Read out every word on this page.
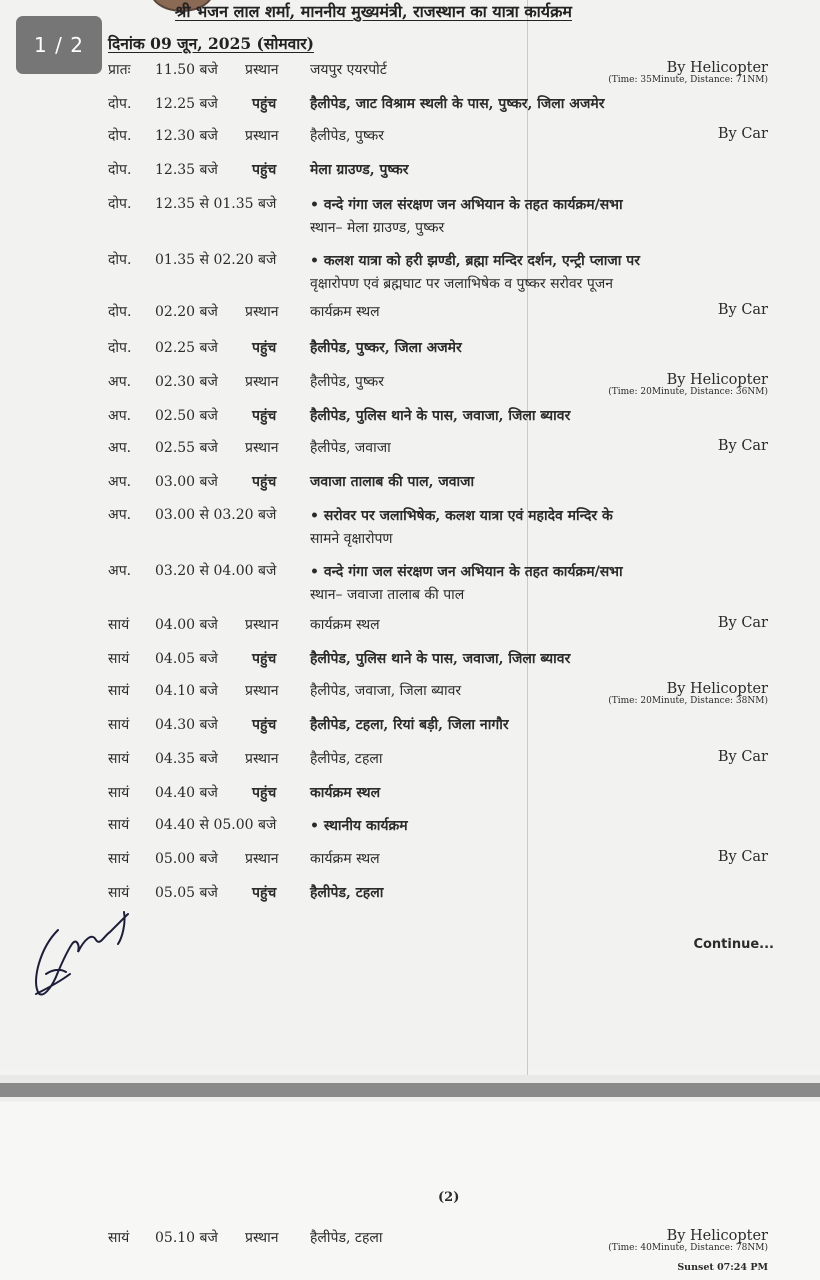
श्री भजन लाल शर्मा, माननीय मुख्यमंत्री, राजस्थान का यात्रा कार्यक्रम
1 / 2	दिनांक 09 जून, 2025 (सोमवार)
प्रातः 11.50 बजे प्रस्थान जयपुर एयरपोर्ट	By Helicopter
(Time: 35Minute, Distance: 71NM)
दोप. 12.25 बजे पहुंच हैलीपेड, जाट विश्राम स्थली के पास, पुष्कर, जिला अजमेर
दोप. 12.30 बजे प्रस्थान हैलीपेड, पुष्कर	By Car
दोप. 12.35 बजे पहुंच मेला ग्राउण्ड, पुष्कर
दोप. 12.35 से 01.35 बजे • वन्दे गंगा जल संरक्षण जन अभियान के तहत कार्यक्रम/सभा
स्थान– मेला ग्राउण्ड, पुष्कर
दोप. 01.35 से 02.20 बजे • कलश यात्रा को हरी झण्डी, ब्रह्मा मन्दिर दर्शन, एन्ट्री प्लाजा पर
वृक्षारोपण एवं ब्रह्मघाट पर जलाभिषेक व पुष्कर सरोवर पूजन
दोप. 02.20 बजे प्रस्थान कार्यक्रम स्थल	By Car
दोप. 02.25 बजे पहुंच हैलीपेड, पुष्कर, जिला अजमेर
अप. 02.30 बजे प्रस्थान हैलीपेड, पुष्कर	By Helicopter
(Time: 20Minute, Distance: 36NM)
अप. 02.50 बजे पहुंच हैलीपेड, पुलिस थाने के पास, जवाजा, जिला ब्यावर
अप. 02.55 बजे प्रस्थान हैलीपेड, जवाजा	By Car
अप. 03.00 बजे पहुंच जवाजा तालाब की पाल, जवाजा
अप. 03.00 से 03.20 बजे • सरोवर पर जलाभिषेक, कलश यात्रा एवं महादेव मन्दिर के
सामने वृक्षारोपण
अप. 03.20 से 04.00 बजे • वन्दे गंगा जल संरक्षण जन अभियान के तहत कार्यक्रम/सभा
स्थान– जवाजा तालाब की पाल
सायं 04.00 बजे प्रस्थान कार्यक्रम स्थल	By Car
सायं 04.05 बजे पहुंच हैलीपेड, पुलिस थाने के पास, जवाजा, जिला ब्यावर
सायं 04.10 बजे प्रस्थान हैलीपेड, जवाजा, जिला ब्यावर	By Helicopter
(Time: 20Minute, Distance: 38NM)
सायं 04.30 बजे पहुंच हैलीपेड, टहला, रियां बड़ी, जिला नागौर
सायं 04.35 बजे प्रस्थान हैलीपेड, टहला	By Car
सायं 04.40 बजे पहुंच कार्यक्रम स्थल
सायं 04.40 से 05.00 बजे • स्थानीय कार्यक्रम
सायं 05.00 बजे प्रस्थान कार्यक्रम स्थल	By Car
सायं 05.05 बजे पहुंच हैलीपेड, टहला
Continue...
(2)
सायं 05.10 बजे प्रस्थान हैलीपेड, टहला	By Helicopter
(Time: 40Minute, Distance: 78NM)
Sunset 07:24 PM
